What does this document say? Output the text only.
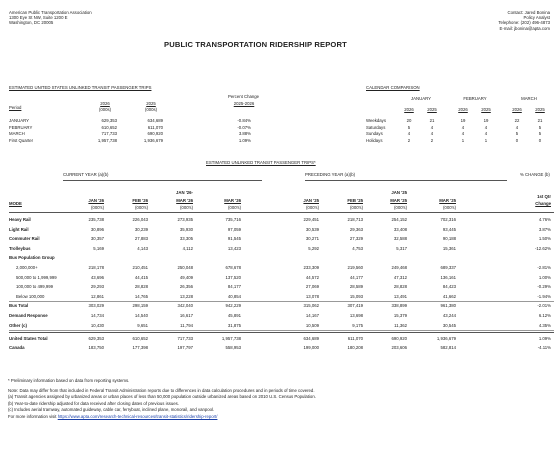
American Public Transportation Association
1300 Eye St NW, Suite 1200 E
Washington, DC 20005
PUBLIC TRANSPORTATION RIDERSHIP REPORT
Contact: Jared Bonina
Policy Analyst
Telephone: (202) 496-4873
E-mail: jbonina@apta.com
ESTIMATED UNITED STATES UNLINKED TRANSIT PASSENGER TRIPS
Percent Change
Period
2026
(000s)
2025
(000s)
2025-2026
JANUARY	629,353	634,689	-0.84%
FEBRUARY	610,652	611,070	-0.07%
MARCH	717,733	690,920	3.88%
First Quarter	1,957,738	1,936,679	1.09%
CALENDAR COMPARISON
JANUARY	FEBRUARY	MARCH
2026	2025	2026	2025	2026	2025
Weekdays	20	21	19	19	22	21
Saturdays	5	4	4	4	4	5
Sundays	4	4	4	4	5	5
Holidays	2	2	1	1	0	0
ESTIMATED UNLINKED TRANSIT PASSENGER TRIPS*
CURRENT YEAR (a)(b)	PRECEDING YEAR (a)(b)	% CHANGE (b)
MODE
JAN '26
(000's)
FEB '26
(000's)
JAN '26-
MAR '26
(000's)
MAR '26
(000's)
JAN '25
(000's)
FEB '25
(000's)
JAN '25
MAR '25
(000's)
MAR '25
(000's)
1st Qtr
Change
Heavy Rail	235,738	226,043	273,935	735,716	229,451	218,713	254,152	702,316	4.76%
Light Rail	30,896	30,239	35,930	97,059	30,539	29,363	33,408	93,445	3.87%
Commuter Rail	30,357	27,883	33,305	91,545	30,271	27,329	32,588	90,188	1.50%
Trolleybus	5,169	4,143	4,112	13,423	5,292	4,753	5,317	15,361	-12.62%
Bus Population Group
2,000,000+	218,178	210,451	250,048	678,678	233,309	219,560	249,468	689,337	-2.81%
500,000 to 1,999,999	43,696	44,415	49,409	137,520	44,572	44,177	47,312	136,161	1.00%
100,000 to 499,999	29,293	28,828	26,356	84,177	27,069	28,589	28,828	84,423	-0.29%
Below 100,000	12,861	14,765	13,228	40,854	13,078	15,093	13,491	41,662	-1.94%
Bus Total	303,029	298,159	342,040	942,229	315,062	307,419	338,899	961,380	-2.01%
Demand Response	14,734	14,540	16,617	45,891	14,167	13,698	15,379	43,244	6.12%
Other (c)	10,430	9,651	11,794	31,875	10,509	9,175	11,362	30,545	4.35%
United States Total	629,353	610,652	717,733	1,957,738	634,689	611,070	690,920	1,936,679	1.09%
Canada	183,750	177,398	197,797	558,953	199,000	180,208	203,606	582,814	-4.11%
* Preliminary information based on data from reporting systems.
Note: Data may differ from that included in Federal Transit Administration reports due to differences in data calculation procedures and in periods of time covered.
(a) Transit agencies assigned by urbanized areas or urban places of less than 50,000 population outside urbanized areas based on 2010 U.S. Census Population.
(b) Year-to-date ridership adjusted for data received after closing dates of previous issues.
(c) Includes aerial tramway, automated guideway, cable car, ferryboat, inclined plane, monorail, and vanpool.
For more information visit https://www.apta.com/research-technical-resources/transit-statistics/ridership-report/
